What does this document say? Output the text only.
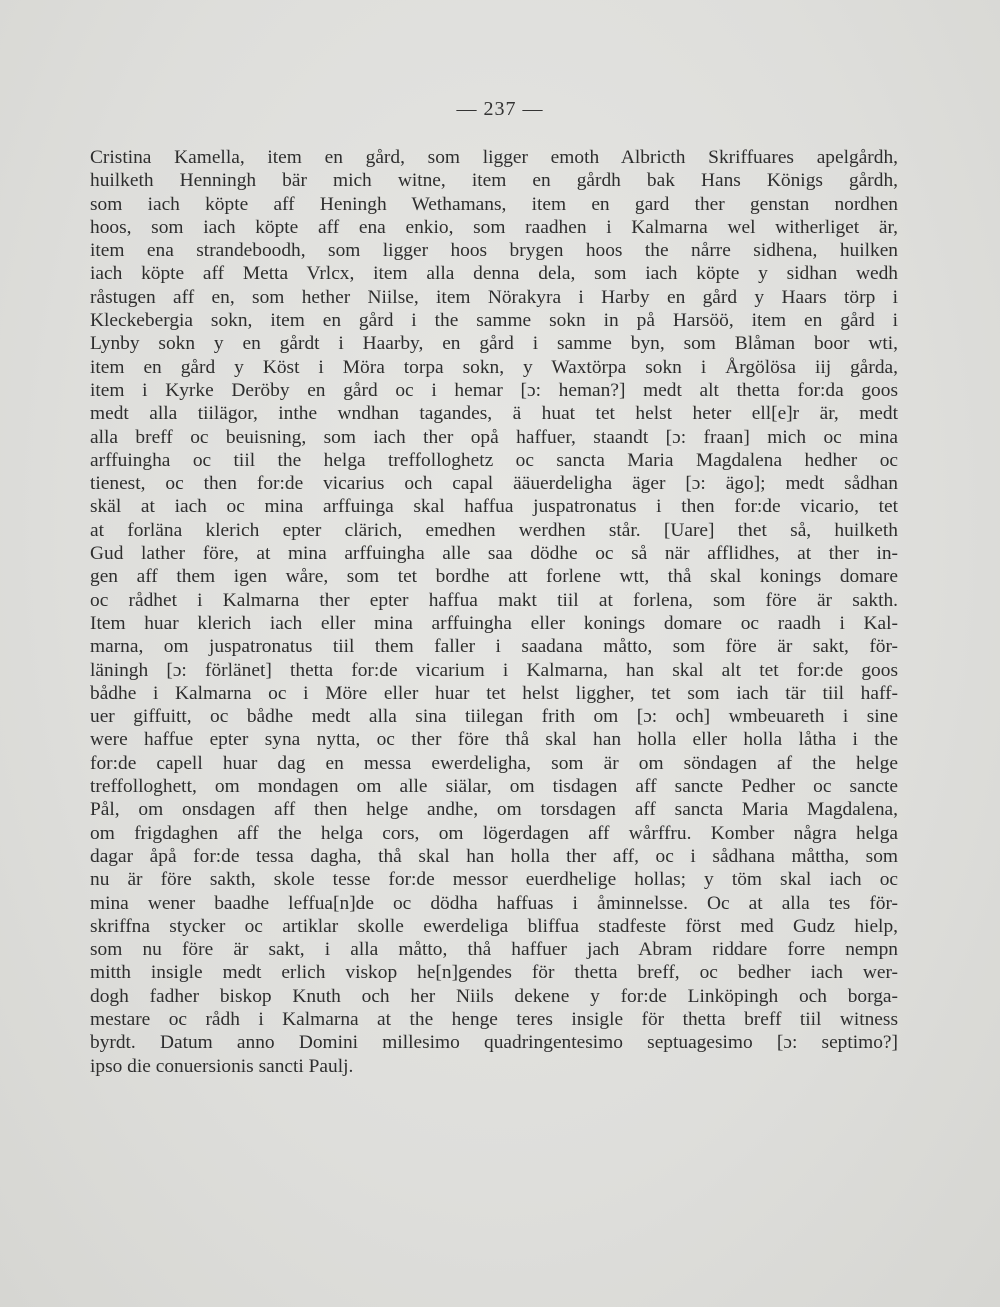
— 237 —
Cristina Kamella, item en gård, som ligger emoth Albricth Skriffuares apelgårdh,
huilketh Henningh bär mich witne, item en gårdh bak Hans Königs gårdh,
som iach köpte aff Heningh Wethamans, item en gard ther genstan nordhen
hoos, som iach köpte aff ena enkio, som raadhen i Kalmarna wel witherliget är,
item ena strandeboodh, som ligger hoos brygen hoos the nårre sidhena, huilken
iach köpte aff Metta Vrlcx, item alla denna dela, som iach köpte y sidhan wedh
råstugen aff en, som hether Niilse, item Nörakyra i Harby en gård y Haars törp i
Kleckebergia sokn, item en gård i the samme sokn in på Harsöö, item en gård i
Lynby sokn y en gårdt i Haarby, en gård i samme byn, som Blåman boor wti,
item en gård y Köst i Möra torpa sokn, y Waxtörpa sokn i Årgölösa iij gårda,
item i Kyrke Deröby en gård oc i hemar [ɔ: heman?] medt alt thetta for:da goos
medt alla tiilägor, inthe wndhan tagandes, ä huat tet helst heter ell[e]r är, medt
alla breff oc beuisning, som iach ther opå haffuer, staandt [ɔ: fraan] mich oc mina
arffuingha oc tiil the helga treffolloghetz oc sancta Maria Magdalena hedher oc
tienest, oc then for:de vicarius och capal ääuerdeligha äger [ɔ: ägo]; medt sådhan
skäl at iach oc mina arffuinga skal haffua juspatronatus i then for:de vicario, tet
at forläna klerich epter clärich, emedhen werdhen står. [Uare] thet så, huilketh
Gud lather före, at mina arffuingha alle saa dödhe oc så när afflidhes, at ther in-
gen aff them igen wåre, som tet bordhe att forlene wtt, thå skal konings domare
oc rådhet i Kalmarna ther epter haffua makt tiil at forlena, som före är sakth.
Item huar klerich iach eller mina arffuingha eller konings domare oc raadh i Kal-
marna, om juspatronatus tiil them faller i saadana måtto, som före är sakt, för-
läningh [ɔ: förlänet] thetta for:de vicarium i Kalmarna, han skal alt tet for:de goos
bådhe i Kalmarna oc i Möre eller huar tet helst liggher, tet som iach tär tiil haff-
uer giffuitt, oc bådhe medt alla sina tiilegan frith om [ɔ: och] wmbeuareth i sine
were haffue epter syna nytta, oc ther före thå skal han holla eller holla låtha i the
for:de capell huar dag en messa ewerdeligha, som är om söndagen af the helge
treffolloghett, om mondagen om alle siälar, om tisdagen aff sancte Pedher oc sancte
Pål, om onsdagen aff then helge andhe, om torsdagen aff sancta Maria Magdalena,
om frigdaghen aff the helga cors, om lögerdagen aff wårffru. Komber några helga
dagar åpå for:de tessa dagha, thå skal han holla ther aff, oc i sådhana måttha, som
nu är före sakth, skole tesse for:de messor euerdhelige hollas; y töm skal iach oc
mina wener baadhe leffua[n]de oc dödha haffuas i åminnelsse. Oc at alla tes för-
skriffna stycker oc artiklar skolle ewerdeliga bliffua stadfeste först med Gudz hielp,
som nu före är sakt, i alla måtto, thå haffuer jach Abram riddare forre nempn
mitth insigle medt erlich viskop he[n]gendes för thetta breff, oc bedher iach wer-
dogh fadher biskop Knuth och her Niils dekene y for:de Linköpingh och borga-
mestare oc rådh i Kalmarna at the henge teres insigle för thetta breff tiil witness
byrdt. Datum anno Domini millesimo quadringentesimo septuagesimo [ɔ: septimo?]
ipso die conuersionis sancti Paulj.
